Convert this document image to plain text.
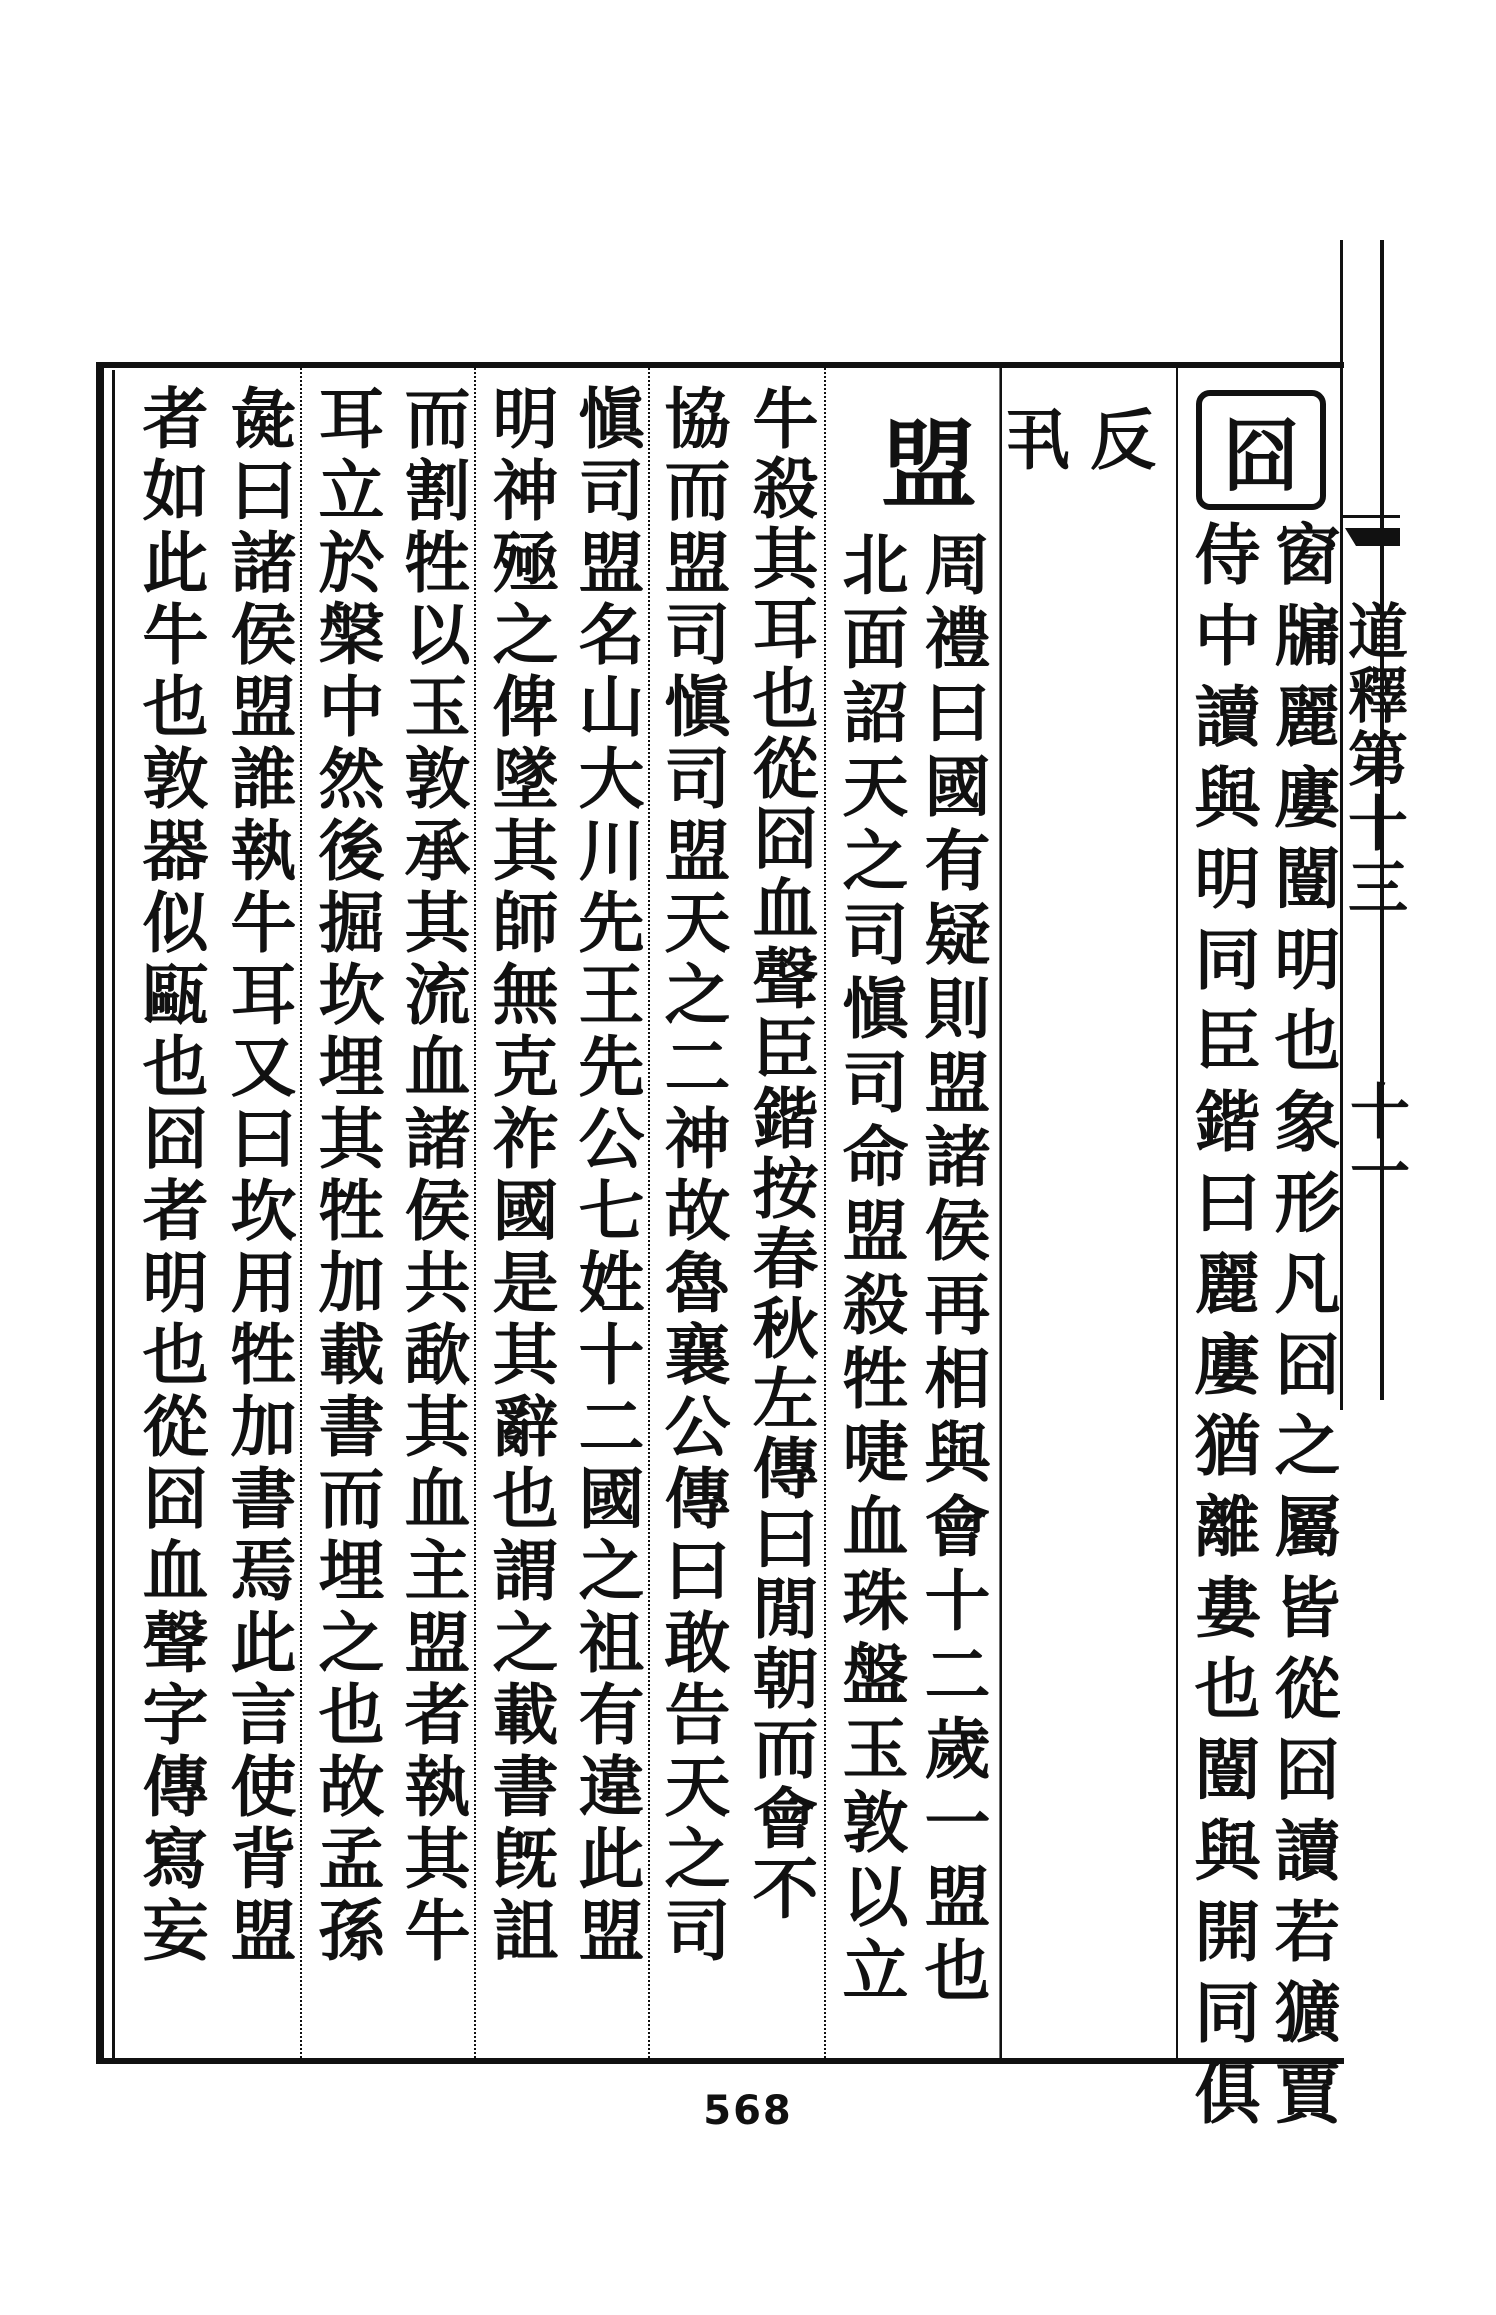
道釋第十三
十一
囧
窗牖麗廔闓明也象形凡囧之屬皆從囧讀若獷賈
侍中讀與明同臣鍇曰麗廔猶離婁也闓與開同俱
丮反
盟
周禮曰國有疑則盟諸侯再相與會十二歲一盟也
北面詔天之司愼司命盟殺牲啑血珠盤玉敦以立
牛殺其耳也從囧血聲臣鍇按春秋左傳曰閒朝而會不
協而盟司愼司盟天之二神故魯襄公傳曰敢告天之司
愼司盟名山大川先王先公七姓十二國之祖有違此盟
明神殛之俾墜其師無克祚國是其辭也謂之載書旣詛
而割牲以玉敦承其流血諸侯共歃其血主盟者執其牛
耳立於槃中然後掘坎埋其牲加載書而埋之也故孟孫
彘曰諸侯盟誰執牛耳又曰坎用牲加書焉此言使背盟
者如此牛也敦器似甌也囧者明也從囧血聲字傳寫妄
568
